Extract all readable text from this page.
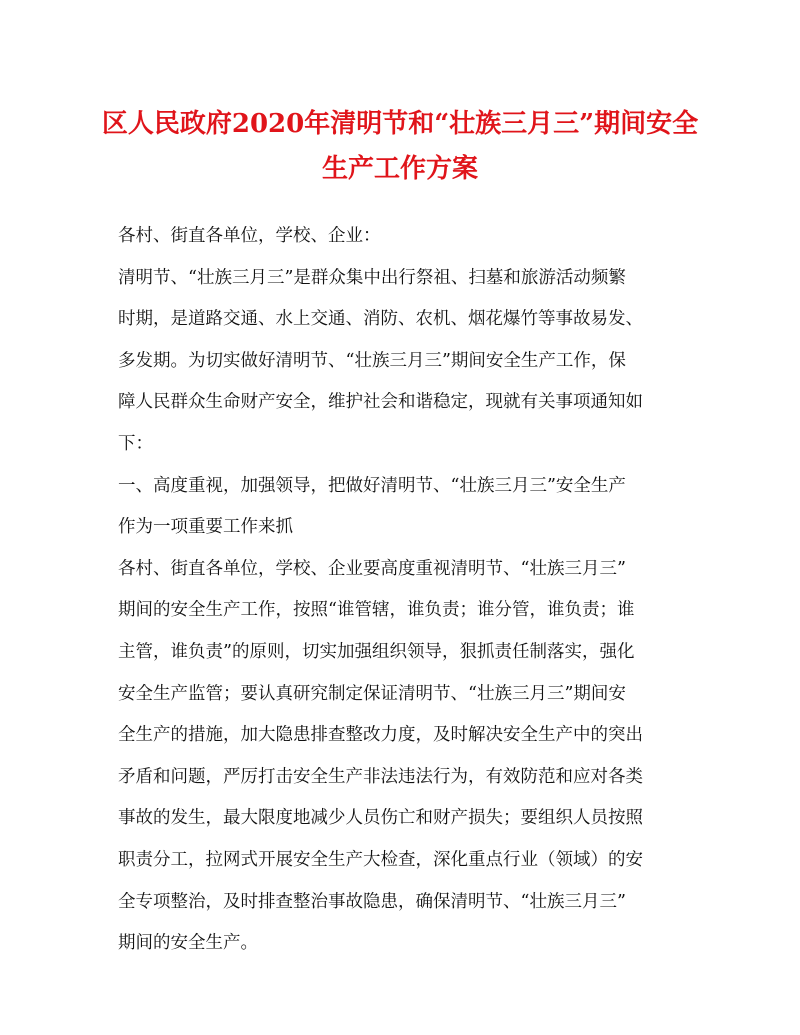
区人民政府2020年清明节和“壮族三月三”期间安全
生产工作方案
各村、街直各单位，学校、企业：
清明节、“壮族三月三”是群众集中出行祭祖、扫墓和旅游活动频繁
时期，是道路交通、水上交通、消防、农机、烟花爆竹等事故易发、
多发期。为切实做好清明节、“壮族三月三”期间安全生产工作，保
障人民群众生命财产安全，维护社会和谐稳定，现就有关事项通知如
下：
一、高度重视，加强领导，把做好清明节、“壮族三月三”安全生产
作为一项重要工作来抓
各村、街直各单位，学校、企业要高度重视清明节、“壮族三月三”
期间的安全生产工作，按照“谁管辖，谁负责；谁分管，谁负责；谁
主管，谁负责”的原则，切实加强组织领导，狠抓责任制落实，强化
安全生产监管；要认真研究制定保证清明节、“壮族三月三”期间安
全生产的措施，加大隐患排查整改力度，及时解决安全生产中的突出
矛盾和问题，严厉打击安全生产非法违法行为，有效防范和应对各类
事故的发生，最大限度地减少人员伤亡和财产损失；要组织人员按照
职责分工，拉网式开展安全生产大检查，深化重点行业（领域）的安
全专项整治，及时排查整治事故隐患，确保清明节、“壮族三月三”
期间的安全生产。
